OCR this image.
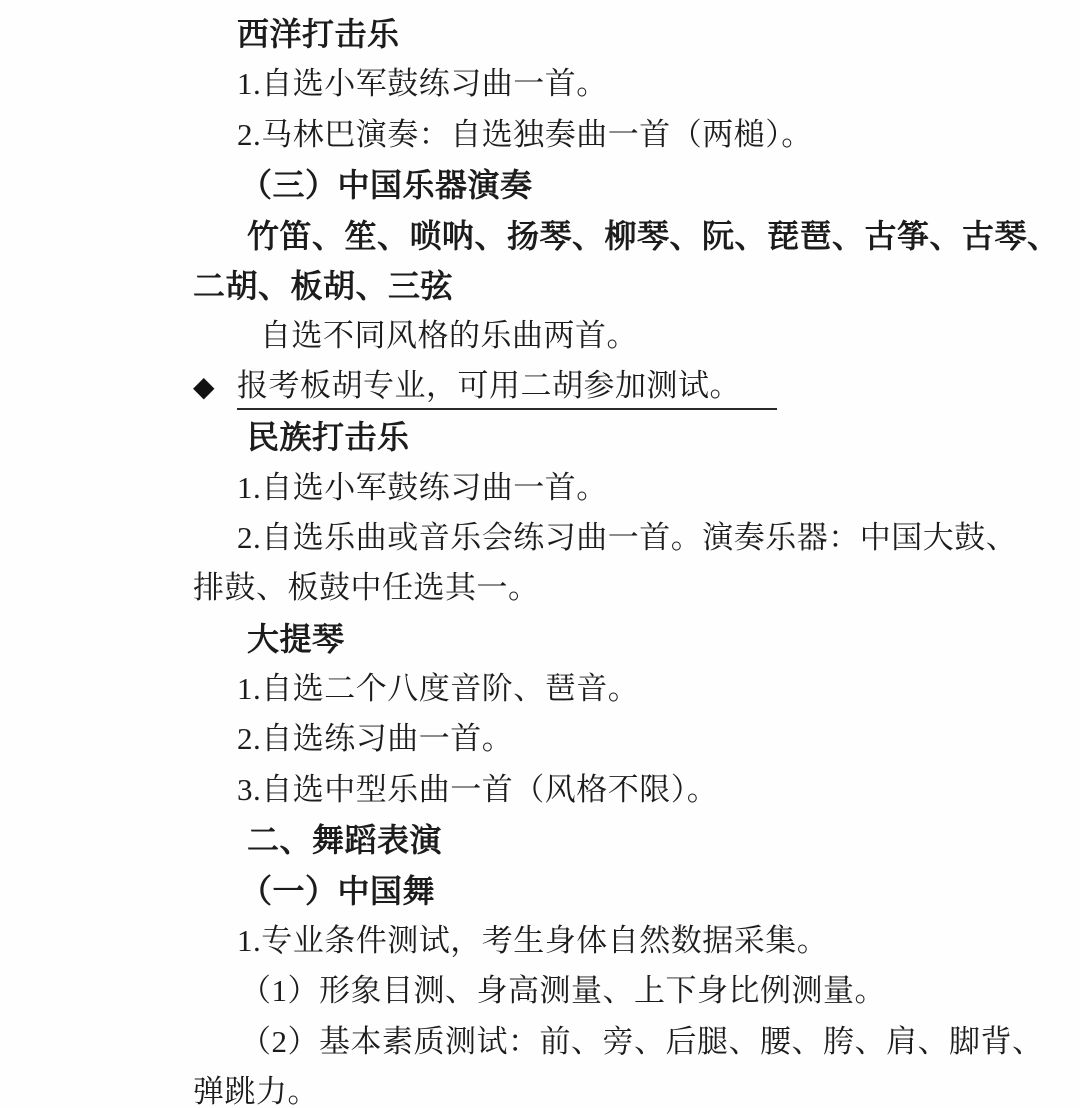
西洋打击乐
1.自选小军鼓练习曲一首。
2.马林巴演奏：自选独奏曲一首（两槌）。
（三）中国乐器演奏
竹笛、笙、唢呐、扬琴、柳琴、阮、琵琶、古筝、古琴、
二胡、板胡、三弦
自选不同风格的乐曲两首。
◆ 报考板胡专业，可用二胡参加测试。
民族打击乐
1.自选小军鼓练习曲一首。
2.自选乐曲或音乐会练习曲一首。演奏乐器：中国大鼓、
排鼓、板鼓中任选其一。
大提琴
1.自选二个八度音阶、琶音。
2.自选练习曲一首。
3.自选中型乐曲一首（风格不限）。
二、舞蹈表演
（一）中国舞
1.专业条件测试，考生身体自然数据采集。
（1）形象目测、身高测量、上下身比例测量。
（2）基本素质测试：前、旁、后腿、腰、胯、肩、脚背、
弹跳力。
